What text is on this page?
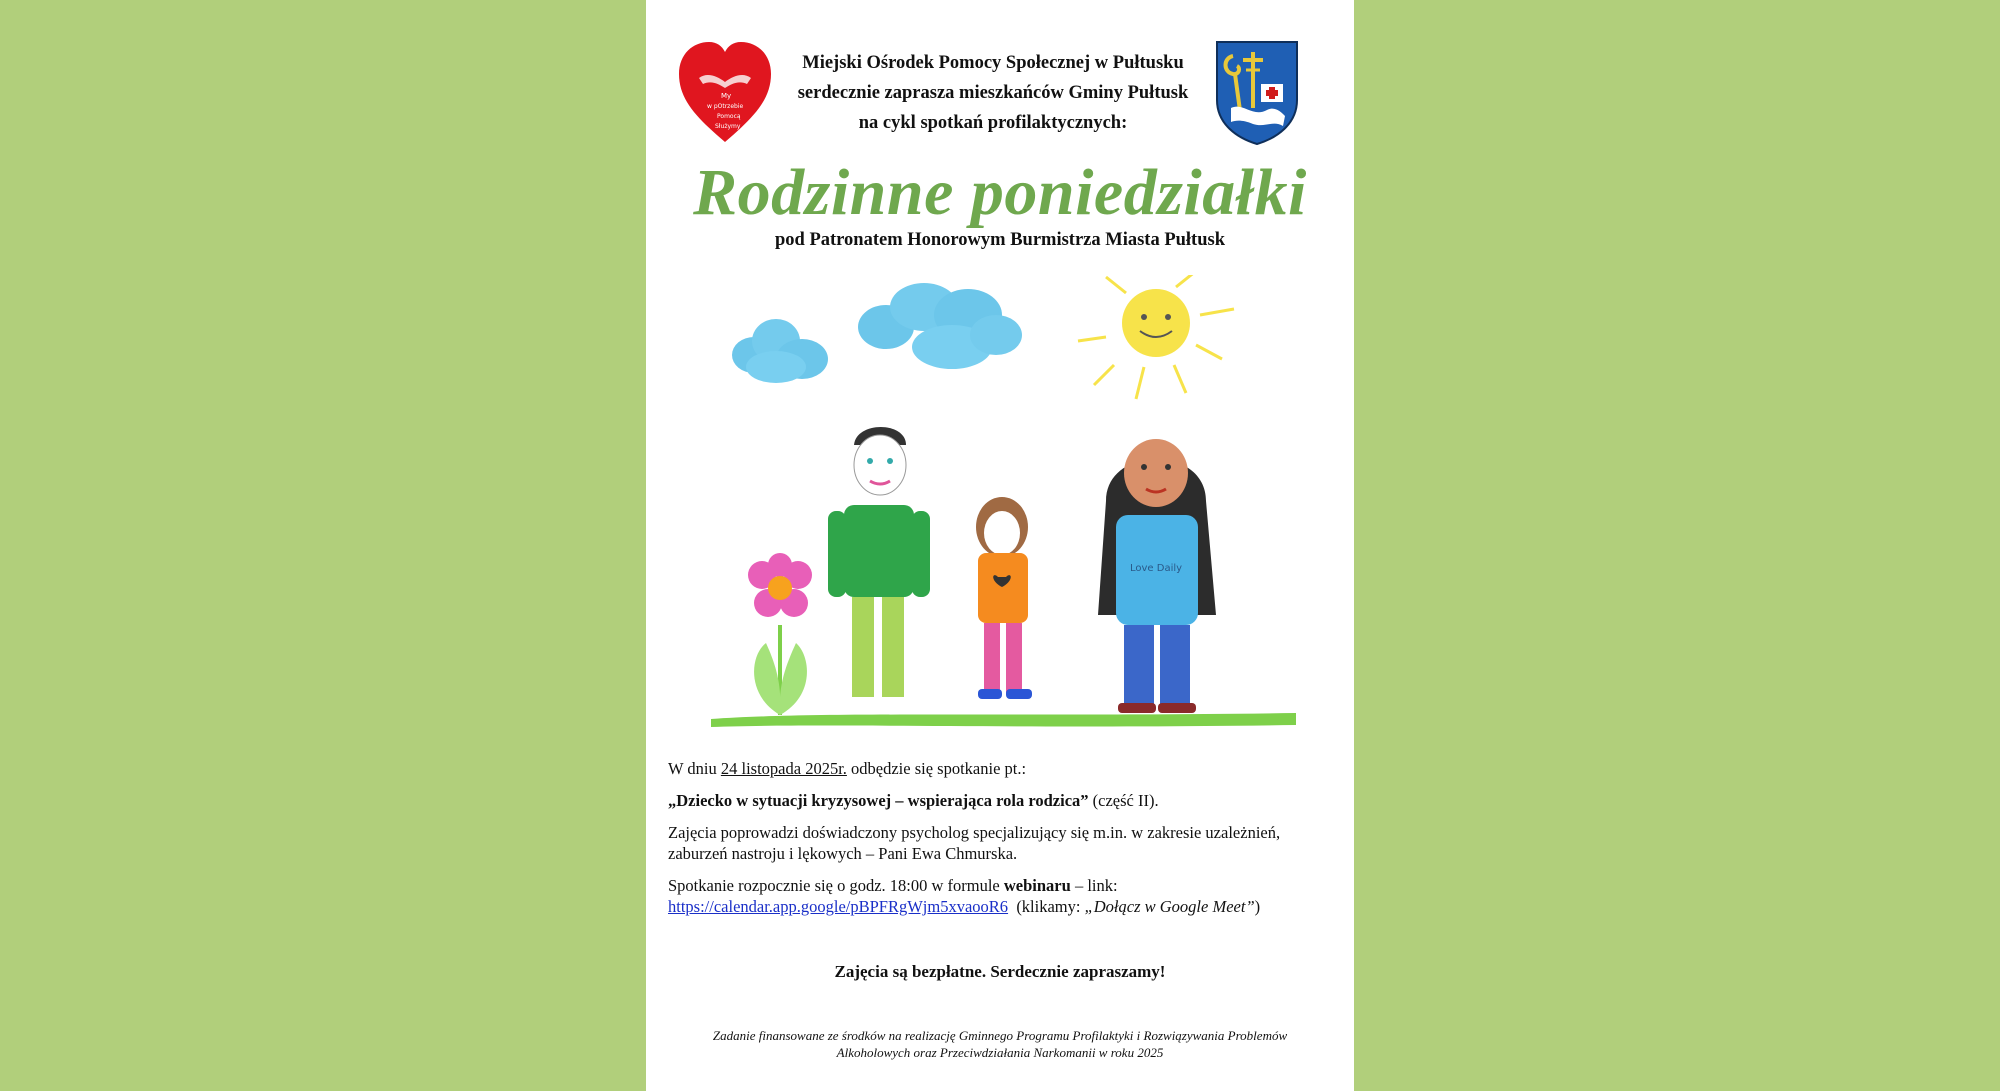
My
w pOtrzebie
Pomocą
Służymy
Miejski Ośrodek Pomocy Społecznej w Pułtusku
serdecznie zaprasza mieszkańców Gminy Pułtusk
na cykl spotkań profilaktycznych:
Rodzinne poniedziałki
pod Patronatem Honorowym Burmistrza Miasta Pułtusk
Love Daily

W dniu 24 listopada 2025r. odbędzie się spotkanie pt.:

„Dziecko w sytuacji kryzysowej – wspierająca rola rodzica” (część II).

Zajęcia poprowadzi doświadczony psycholog specjalizujący się m.in. w zakresie uzależnień,
zaburzeń nastroju i lękowych – Pani Ewa Chmurska.

Spotkanie rozpocznie się o godz. 18:00 w formule webinaru – link:
https://calendar.app.google/pBPFRgWjm5xvaooR6  (klikamy: „Dołącz w Google Meet”)

Zajęcia są bezpłatne. Serdecznie zapraszamy!
Zadanie finansowane ze środków na realizację Gminnego Programu Profilaktyki i Rozwiązywania Problemów
Alkoholowych oraz Przeciwdziałania Narkomanii w roku 2025
